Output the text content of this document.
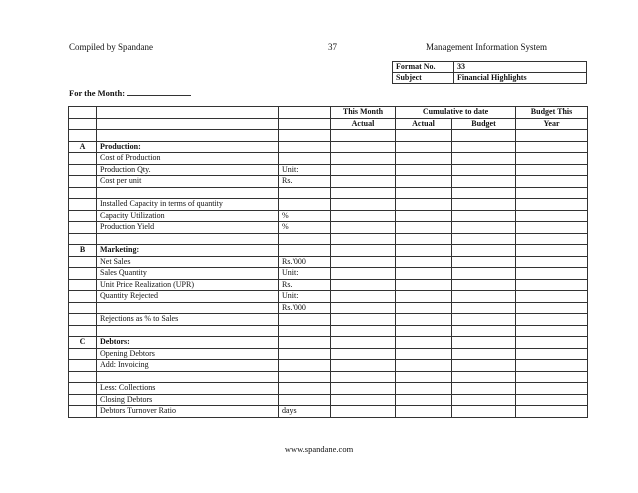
Compiled by Spandane	37	Management Information System
Format No.	33
Subject	Financial Highlights
For the Month:
			This Month	Cumulative to date		Budget This
			Actual	Actual	Budget	Year

A	Production:					
	Cost of Production					
	Production Qty.	Unit:				
	Cost per unit	Rs.				

	Installed Capacity in terms of quantity					
	Capacity Utilization	%				
	Production Yield	%				

B	Marketing:					
	Net Sales	Rs.'000				
	Sales Quantity	Unit:				
	Unit Price Realization (UPR)	Rs.				
	Quantity Rejected	Unit:				
		Rs.'000				
	Rejections as % to Sales					

C	Debtors:					
	Opening Debtors					
	Add: Invoicing					

	Less: Collections					
	Closing Debtors					
	Debtors Turnover Ratio	days				
www.spandane.com
